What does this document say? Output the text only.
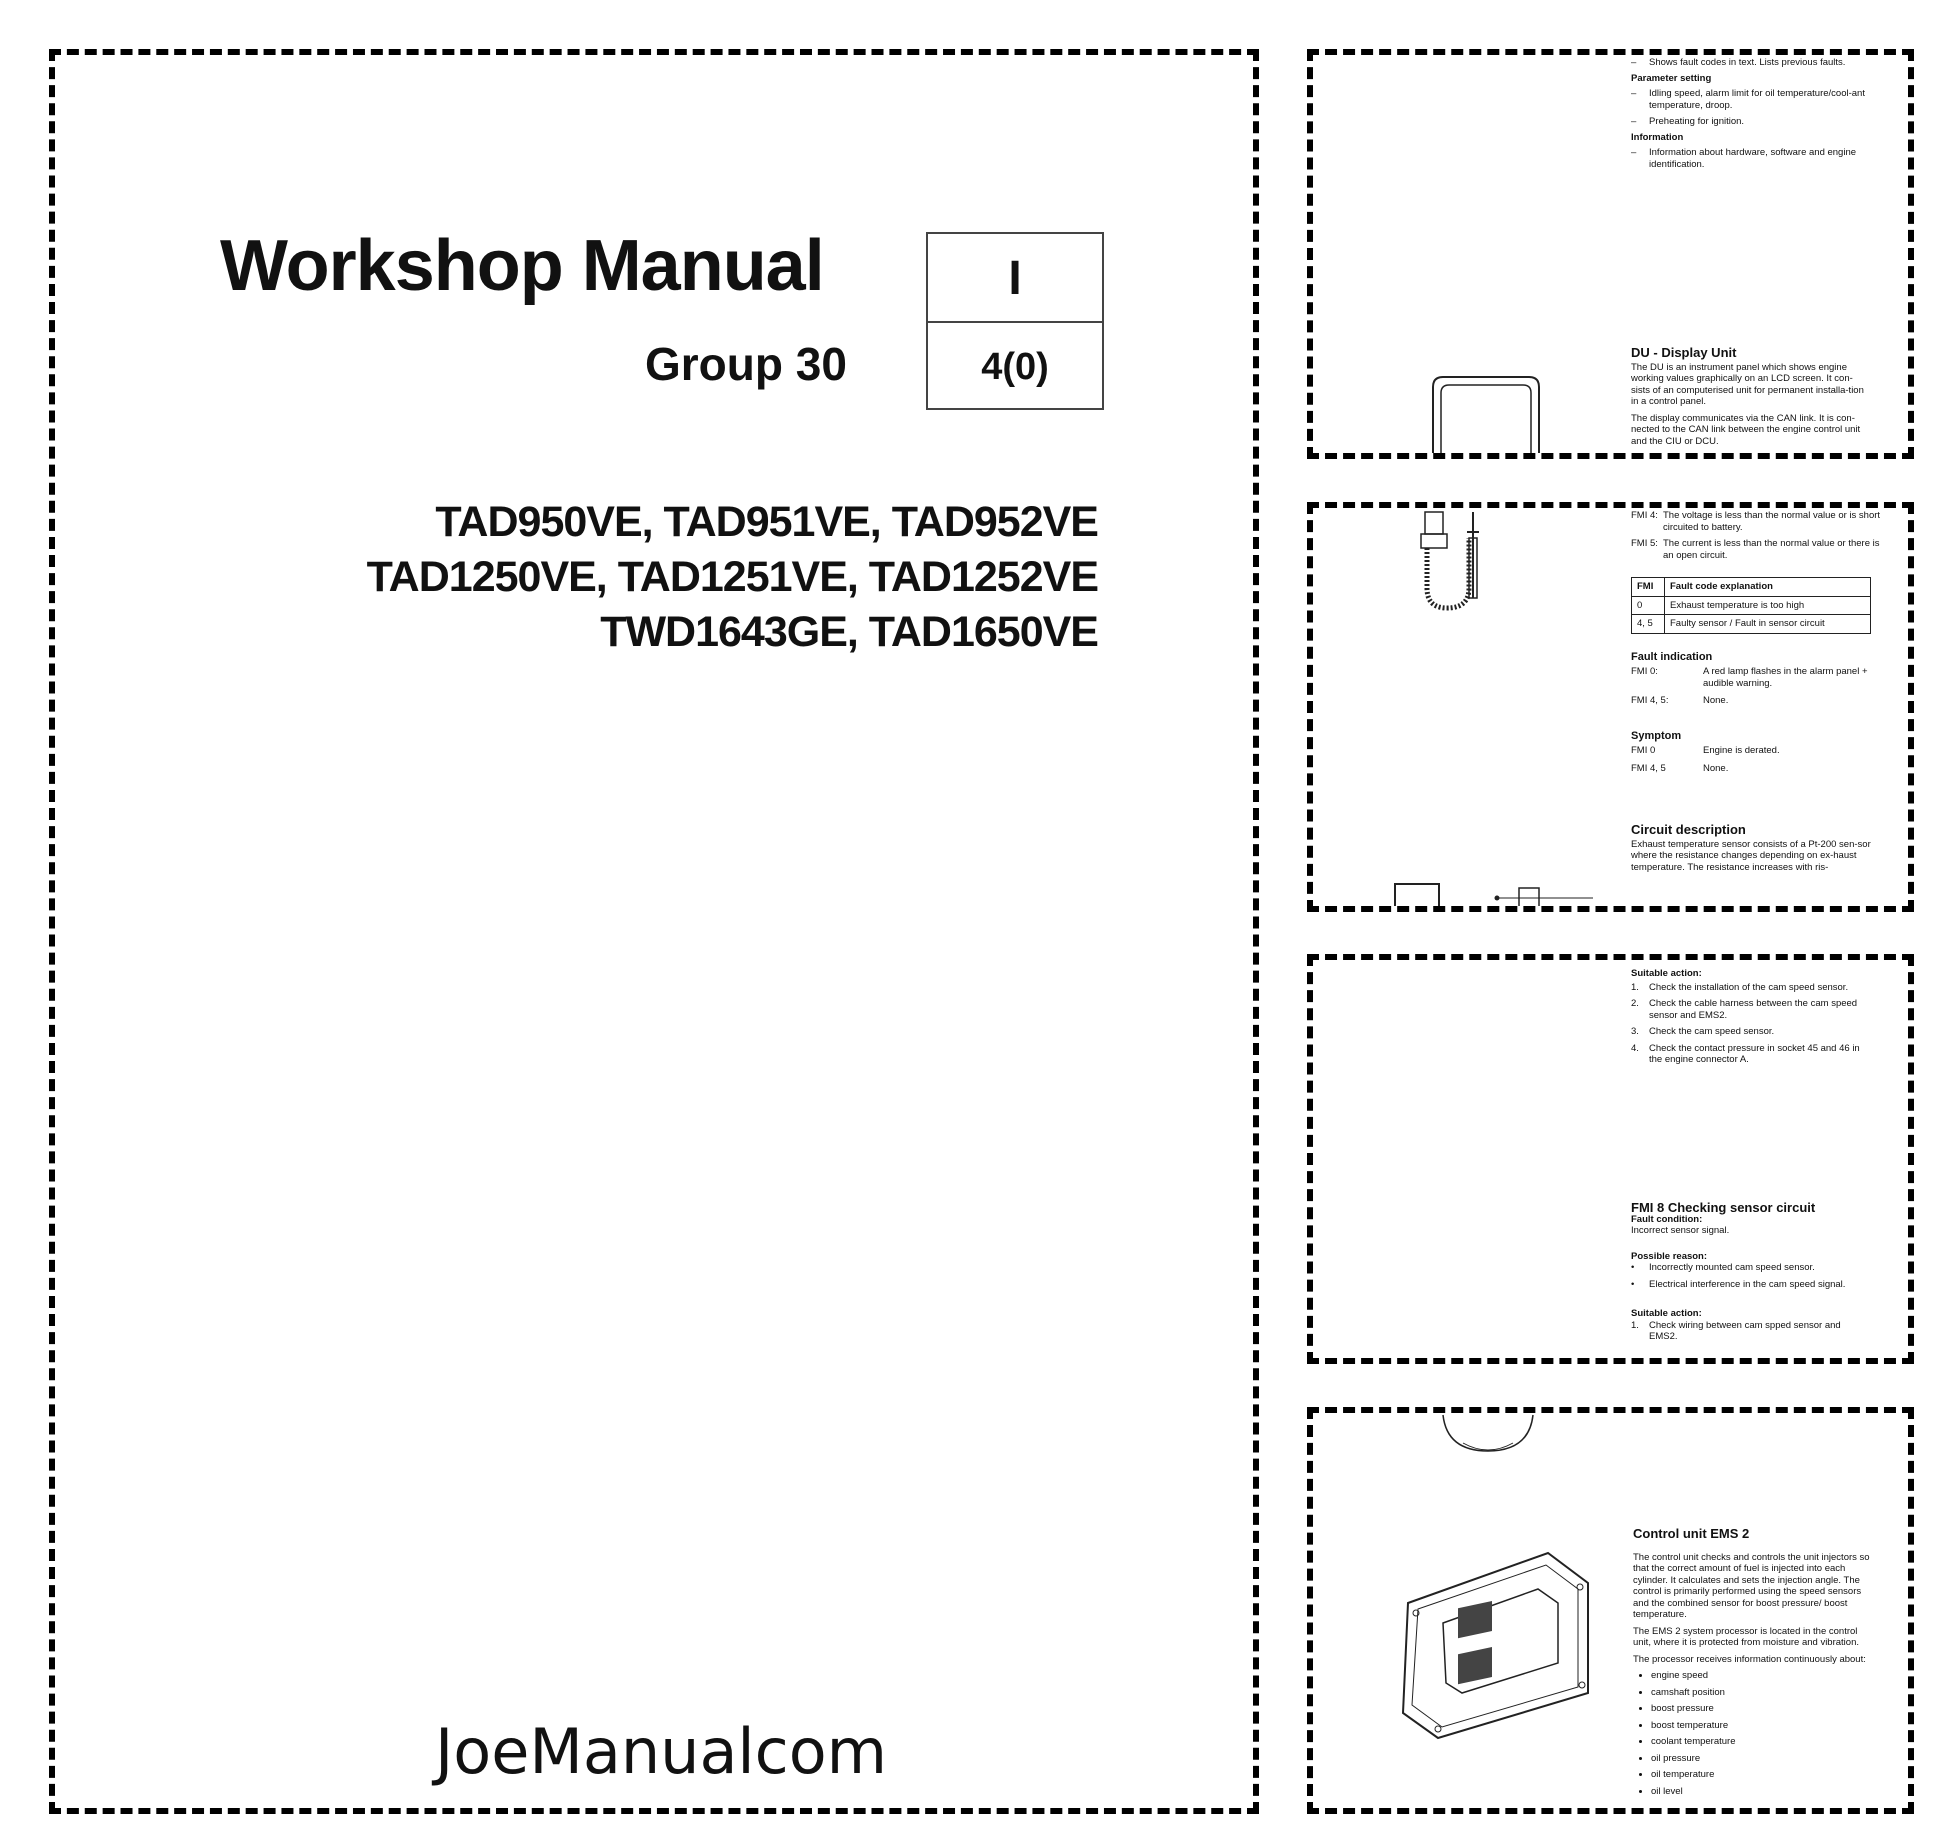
Workshop Manual
Group 30
I
4(0)
TAD950VE, TAD951VE, TAD952VE
TAD1250VE, TAD1251VE, TAD1252VE
TWD1643GE, TAD1650VE
JoeManualcom
–	Shows fault codes in text. Lists previous faults.
Parameter setting
–	Idling speed, alarm limit for oil temperature/cool-ant temperature, droop.
–	Preheating for ignition.
Information
–	Information about hardware, software and engine identification.
DU - Display Unit

The DU is an instrument panel which shows engine working values graphically on an LCD screen. It con-sists of an computerised unit for permanent installa-tion in a control panel.

The display communicates via the CAN link. It is con-nected to the CAN link between the engine control unit and the CIU or DCU.

FMI 4: The voltage is less than the normal value or is short circuited to battery.
FMI 5: The current is less than the normal value or there is an open circuit.
FMI	Fault code explanation
0	Exhaust temperature is too high
4, 5	Faulty sensor / Fault in sensor circuit
Fault indication
FMI 0:	A red lamp flashes in the alarm panel + audible warning.
FMI 4, 5:	None.
Symptom
FMI 0	Engine is derated.
FMI 4, 5	None.
Circuit description
Exhaust temperature sensor consists of a Pt-200 sen-sor where the resistance changes depending on ex-haust temperature. The resistance increases with ris-
Suitable action:
1.	Check the installation of the cam speed sensor.
2.	Check the cable harness between the cam speed sensor and EMS2.
3.	Check the cam speed sensor.
4.	Check the contact pressure in socket 45 and 46 in the engine connector A.
FMI 8 Checking sensor circuit
Fault condition:
Incorrect sensor signal.
Possible reason:
•	Incorrectly mounted cam speed sensor.
•	Electrical interference in the cam speed signal.
Suitable action:
1.	Check wiring between cam spped sensor and EMS2.
Control unit EMS 2

The control unit checks and controls the unit injectors so that the correct amount of fuel is injected into each cylinder. It calculates and sets the injection angle. The control is primarily performed using the speed sensors and the combined sensor for boost pressure/ boost temperature.

The EMS 2 system processor is located in the control unit, where it is protected from moisture and vibration.

The processor receives information continuously about:

• engine speed
• camshaft position
• boost pressure
• boost temperature
• coolant temperature
• oil pressure
• oil temperature
• oil level
